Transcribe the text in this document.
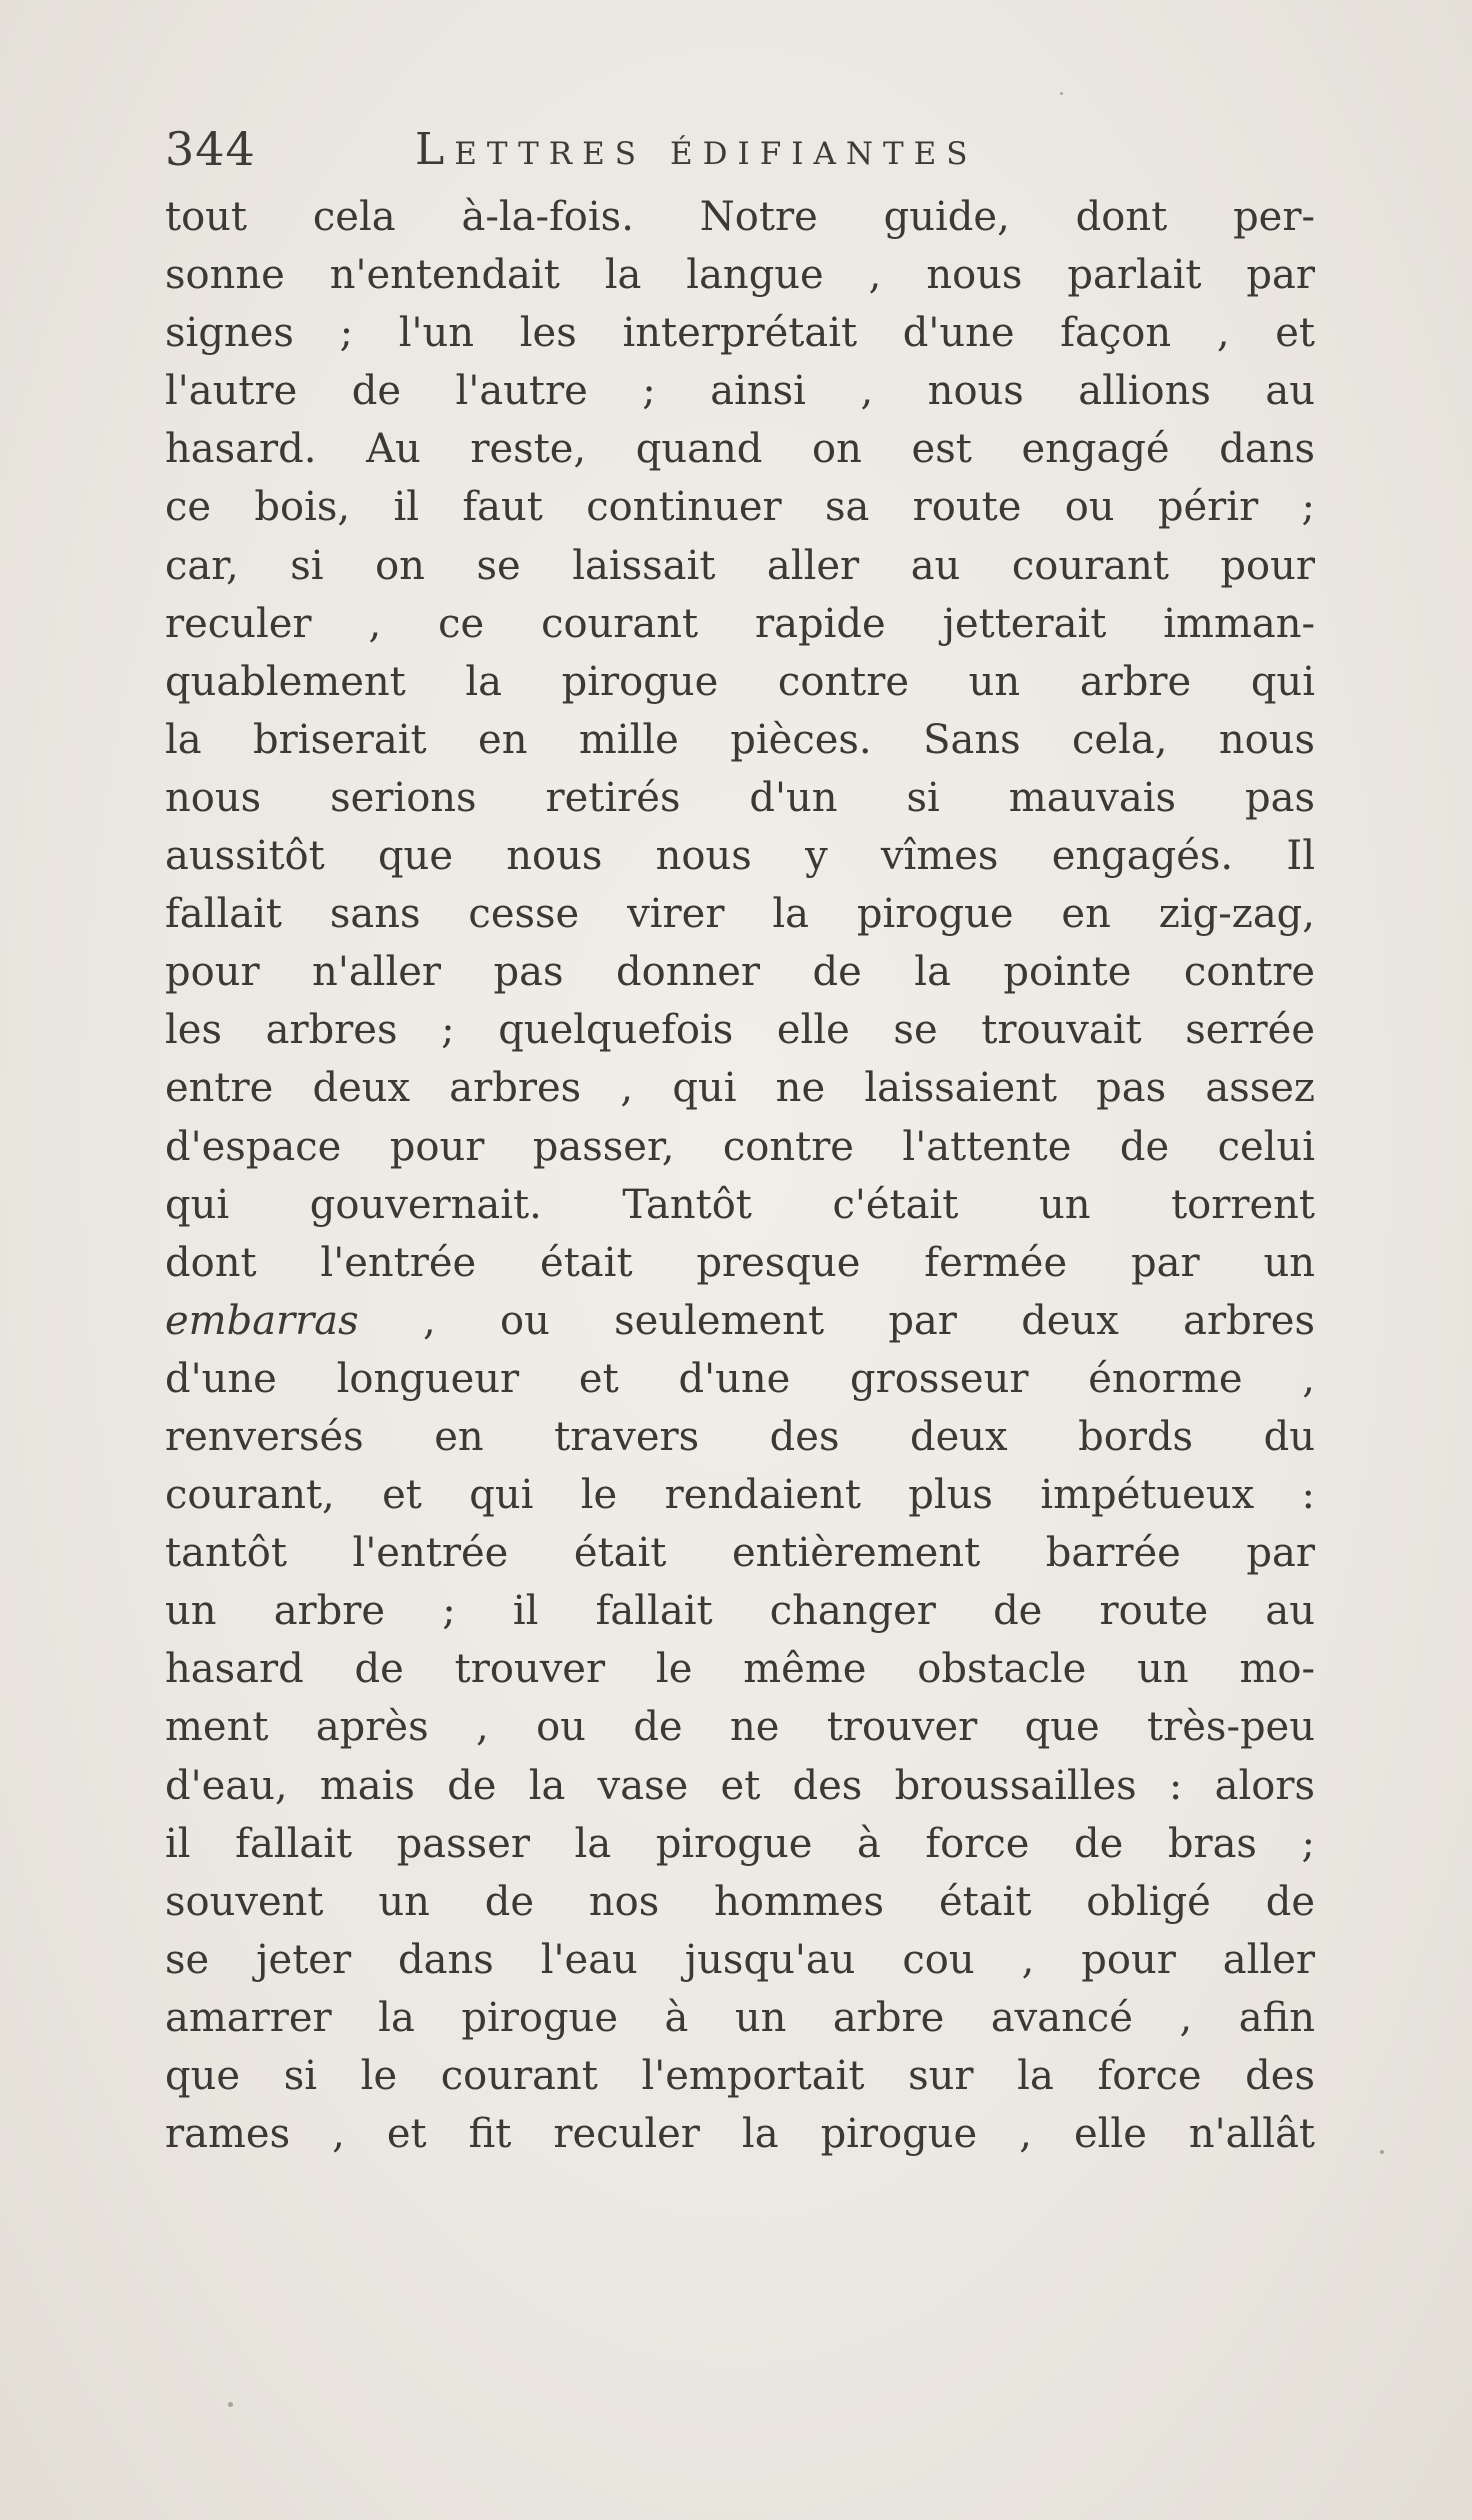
344	Lettres édifiantes
tout cela à-la-fois. Notre guide, dont per-
sonne n'entendait la langue , nous parlait par
signes ; l'un les interprétait d'une façon , et
l'autre de l'autre ; ainsi , nous allions au
hasard. Au reste, quand on est engagé dans
ce bois, il faut continuer sa route ou périr ;
car, si on se laissait aller au courant pour
reculer , ce courant rapide jetterait imman-
quablement la pirogue contre un arbre qui
la briserait en mille pièces. Sans cela, nous
nous serions retirés d'un si mauvais pas
aussitôt que nous nous y vîmes engagés. Il
fallait sans cesse virer la pirogue en zig-zag,
pour n'aller pas donner de la pointe contre
les arbres ; quelquefois elle se trouvait serrée
entre deux arbres , qui ne laissaient pas assez
d'espace pour passer, contre l'attente de celui
qui gouvernait. Tantôt c'était un torrent
dont l'entrée était presque fermée par un
embarras , ou seulement par deux arbres
d'une longueur et d'une grosseur énorme ,
renversés en travers des deux bords du
courant, et qui le rendaient plus impétueux :
tantôt l'entrée était entièrement barrée par
un arbre ; il fallait changer de route au
hasard de trouver le même obstacle un mo-
ment après , ou de ne trouver que très-peu
d'eau, mais de la vase et des broussailles : alors
il fallait passer la pirogue à force de bras ;
souvent un de nos hommes était obligé de
se jeter dans l'eau jusqu'au cou , pour aller
amarrer la pirogue à un arbre avancé , afin
que si le courant l'emportait sur la force des
rames , et fit reculer la pirogue , elle n'allât
